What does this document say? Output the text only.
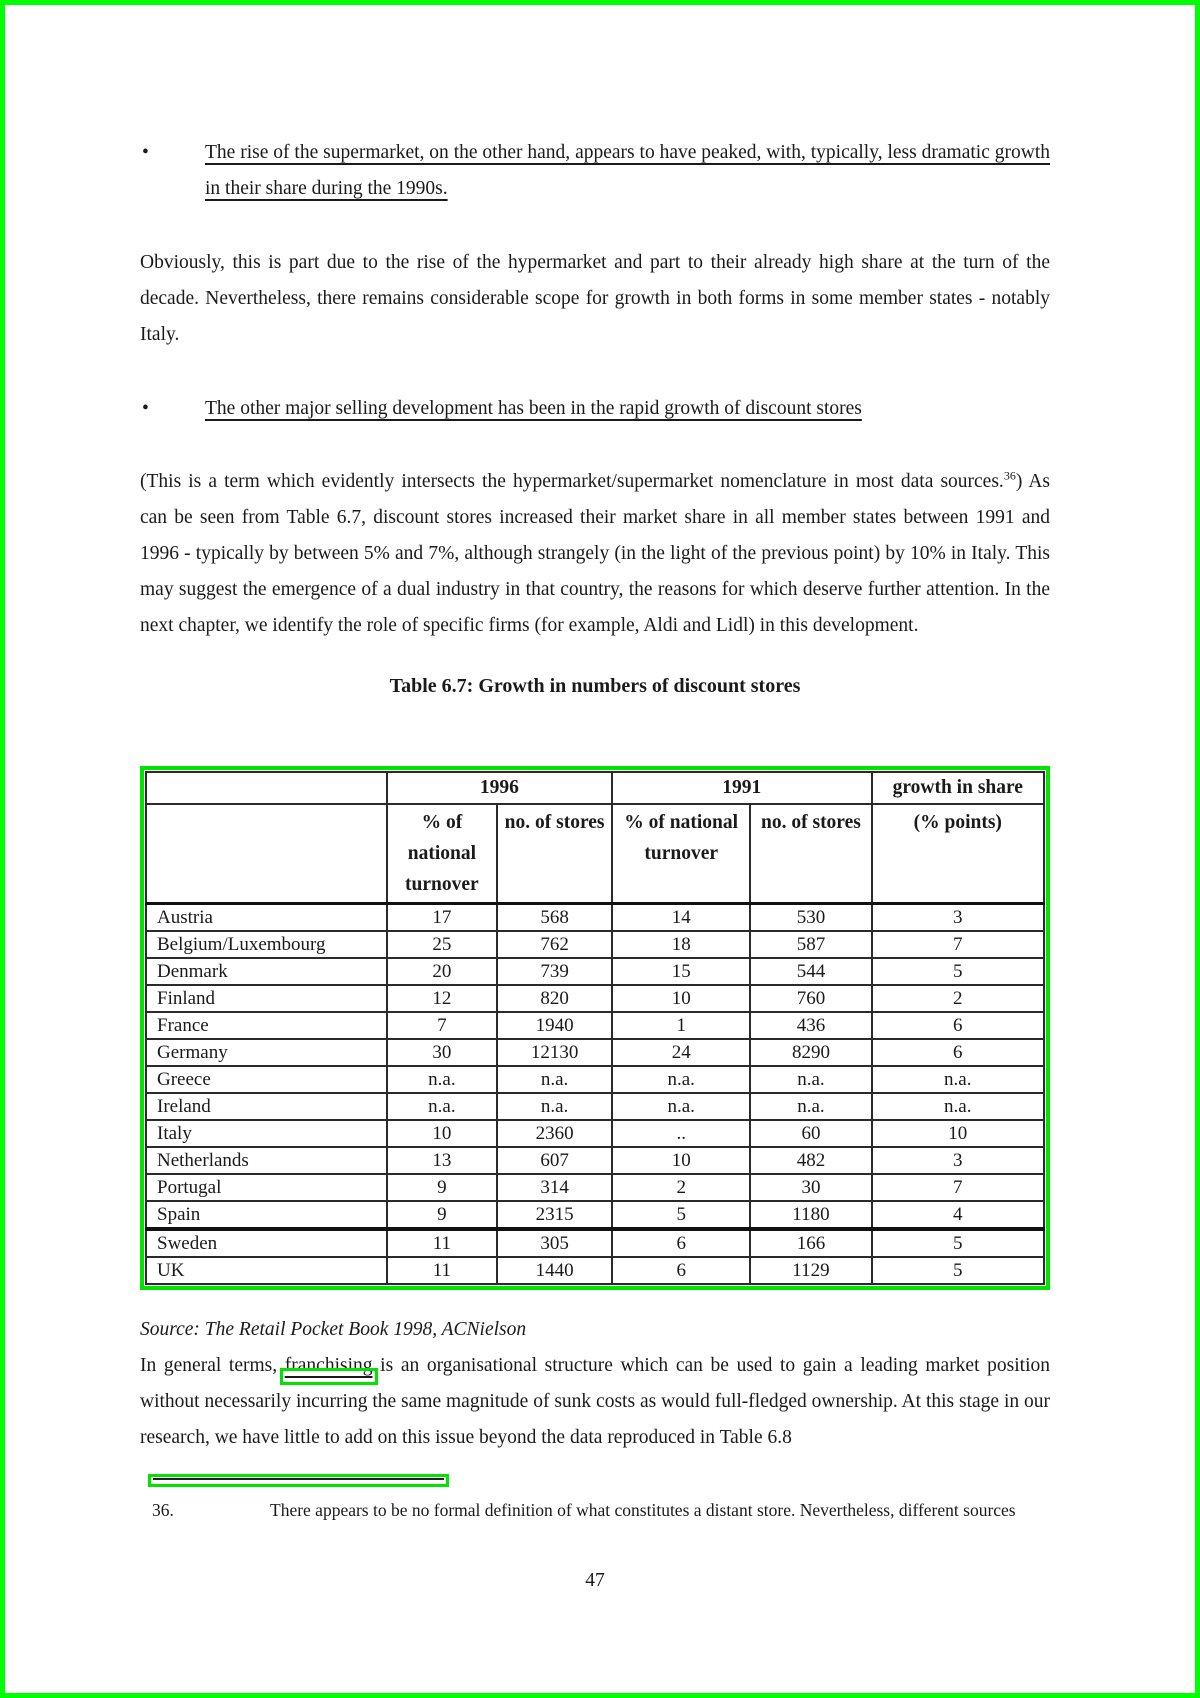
•	The rise of the supermarket, on the other hand, appears to have peaked, with, typically, less dramatic growth in their share during the 1990s.

Obviously, this is part due to the rise of the hypermarket and part to their already high share at the turn of the decade. Nevertheless, there remains considerable scope for growth in both forms in some member states - notably Italy.

•	The other major selling development has been in the rapid growth of discount stores

(This is a term which evidently intersects the hypermarket/supermarket nomenclature in most data sources.$^{36}$) As can be seen from Table 6.7, discount stores increased their market share in all member states between 1991 and 1996 - typically by between 5% and 7%, although strangely (in the light of the previous point) by 10% in Italy. This may suggest the emergence of a dual industry in that country, the reasons for which deserve further attention. In the next chapter, we identify the role of specific firms (for example, Aldi and Lidl) in this development.

Table 6.7: Growth in numbers of discount stores
	1996		1991		growth in share
	% of national turnover	no. of stores	% of national turnover	no. of stores	(% points)
Austria	17	568	14	530	3
Belgium/Luxembourg	25	762	18	587	7
Denmark	20	739	15	544	5
Finland	12	820	10	760	2
France	7	1940	1	436	6
Germany	30	12130	24	8290	6
Greece	n.a.	n.a.	n.a.	n.a.	n.a.
Ireland	n.a.	n.a.	n.a.	n.a.	n.a.
Italy	10	2360	..	60	10
Netherlands	13	607	10	482	3
Portugal	9	314	2	30	7
Spain	9	2315	5	1180	4
Sweden	11	305	6	166	5
UK	11	1440	6	1129	5

Source: The Retail Pocket Book 1998, ACNielson

In general terms, franchising is an organisational structure which can be used to gain a leading market position without necessarily incurring the same magnitude of sunk costs as would full-fledged ownership. At this stage in our research, we have little to add on this issue beyond the data reproduced in Table 6.8

36.	There appears to be no formal definition of what constitutes a distant store. Nevertheless, different sources
47
